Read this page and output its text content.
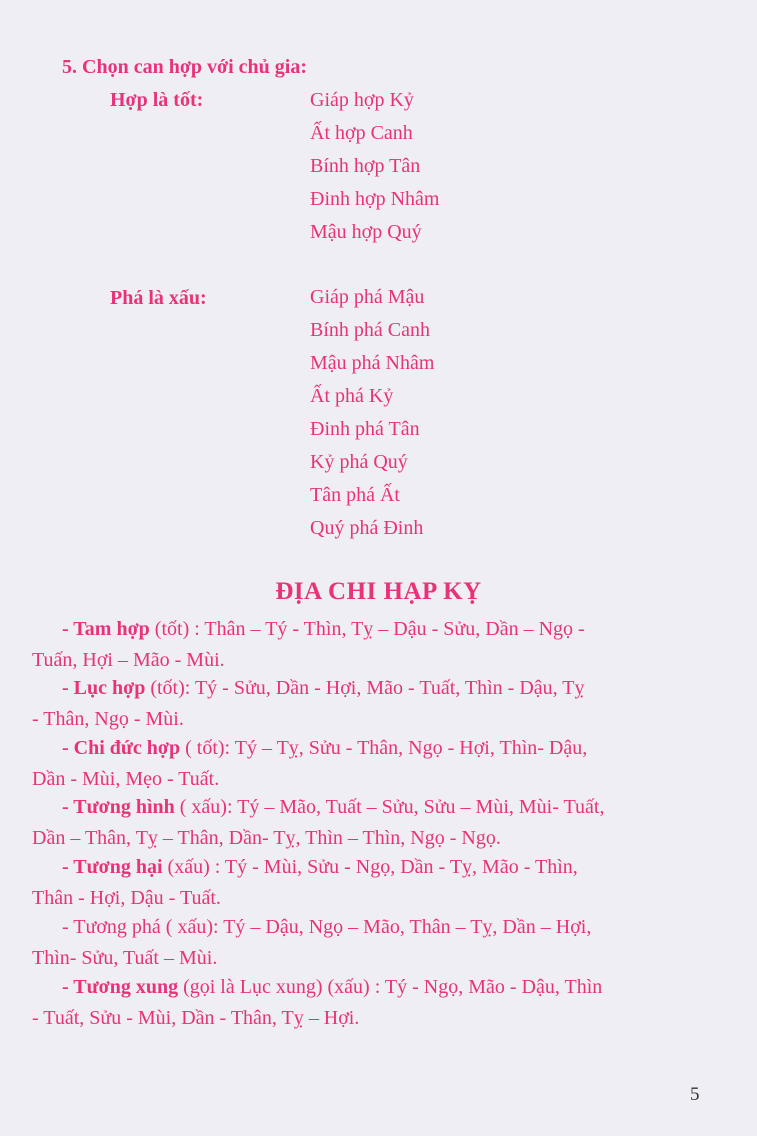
5. Chọn can hợp với chủ gia:
Hợp là tốt:	Giáp hợp Kỷ
Ất hợp Canh
Bính hợp Tân
Đinh hợp Nhâm
Mậu hợp Quý
Phá là xấu:	Giáp phá Mậu
Bính phá Canh
Mậu phá Nhâm
Ất phá Kỷ
Đinh phá Tân
Kỷ phá Quý
Tân phá Ất
Quý phá Đinh
ĐỊA CHI HẠP KỴ
- Tam hợp (tốt) : Thân – Tý - Thìn, Tỵ – Dậu - Sửu, Dần – Ngọ -
Tuấn, Hợi – Mão - Mùi.
- Lục hợp (tốt): Tý - Sửu, Dần - Hợi, Mão - Tuất, Thìn - Dậu, Tỵ
- Thân, Ngọ - Mùi.
- Chi đức hợp ( tốt): Tý – Tỵ, Sửu - Thân, Ngọ - Hợi, Thìn- Dậu,
Dần - Mùi, Mẹo - Tuất.
- Tương hình ( xấu): Tý – Mão, Tuất – Sửu, Sửu – Mùi, Mùi- Tuất,
Dần – Thân, Tỵ – Thân, Dần- Tỵ, Thìn – Thìn, Ngọ - Ngọ.
- Tương hại (xấu) : Tý - Mùi, Sửu - Ngọ, Dần - Tỵ, Mão - Thìn,
Thân - Hợi, Dậu - Tuất.
- Tương phá ( xấu): Tý – Dậu, Ngọ – Mão, Thân – Tỵ, Dần – Hợi,
Thìn- Sửu, Tuất – Mùi.
- Tương xung (gọi là Lục xung) (xấu) : Tý - Ngọ, Mão - Dậu, Thìn
- Tuất, Sửu - Mùi, Dần - Thân, Tỵ – Hợi.
5
